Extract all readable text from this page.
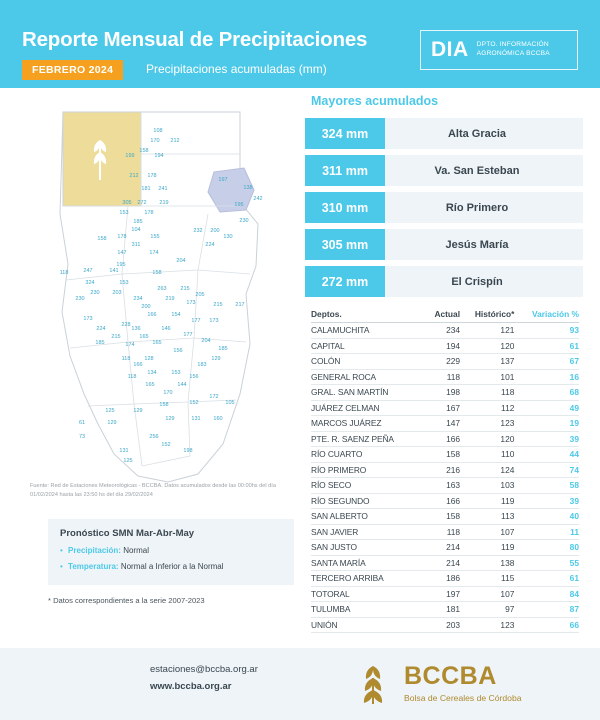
Reporte Mensual de Precipitaciones
FEBRERO 2024	Precipitaciones acumuladas (mm)
DIA DPTO. INFORMACIÓN
AGRONÓMICA BCCBA
108
170 212
158
199	194
212 178
197
138
181 241
242
195
305 272 219
153	178
185	230
104	232 200
178	155	130
158
311	224
147	174
195
204
141	158
247
324	153
118
230 203
263	215
230	234
205
219
173
200	215 217
173
166	154
228
177 173
224	136	146
215	165	177
185	174	165	204
156	185
118	128	129
166	183
134	153
118	156
165	144
170
158	152
172
105
125	129
129	131 160
61	129
73	256
152
131	198
125
Fuente: Red de Estaciones Meteorológicas - BCCBA. Datos acumulados desde las 00:00hs del día 01/02/2024 hasta las 23:50 hs del día 29/02/2024
Pronóstico SMN Mar-Abr-May
• Precipitación: Normal
• Temperatura: Normal a Inferior a la Normal
* Datos correspondientes a la serie 2007-2023
Mayores acumulados
324 mm	Alta Gracia
311 mm	Va. San Esteban
310 mm	Río Primero
305 mm	Jesús María
272 mm	El Crispín
Deptos.	Actual	Histórico*	Variación %
CALAMUCHITA	234	121	93
CAPITAL	194	120	61
COLÓN	229	137	67
GENERAL ROCA	118	101	16
GRAL. SAN MARTÍN	198	118	68
JUÁREZ CELMAN	167	112	49
MARCOS JUÁREZ	147	123	19
PTE. R. SAENZ PEÑA	166	120	39
RÍO CUARTO	158	110	44
RÍO PRIMERO	216	124	74
RÍO SECO	163	103	58
RÍO SEGUNDO	166	119	39
SAN ALBERTO	158	113	40
SAN JAVIER	118	107	11
SAN JUSTO	214	119	80
SANTA MARÍA	214	138	55
TERCERO ARRIBA	186	115	61
TOTORAL	197	107	84
TULUMBA	181	97	87
UNIÓN	203	123	66
estaciones@bccba.org.ar
www.bccba.org.ar	BCCBA
Bolsa de Cereales de Córdoba
